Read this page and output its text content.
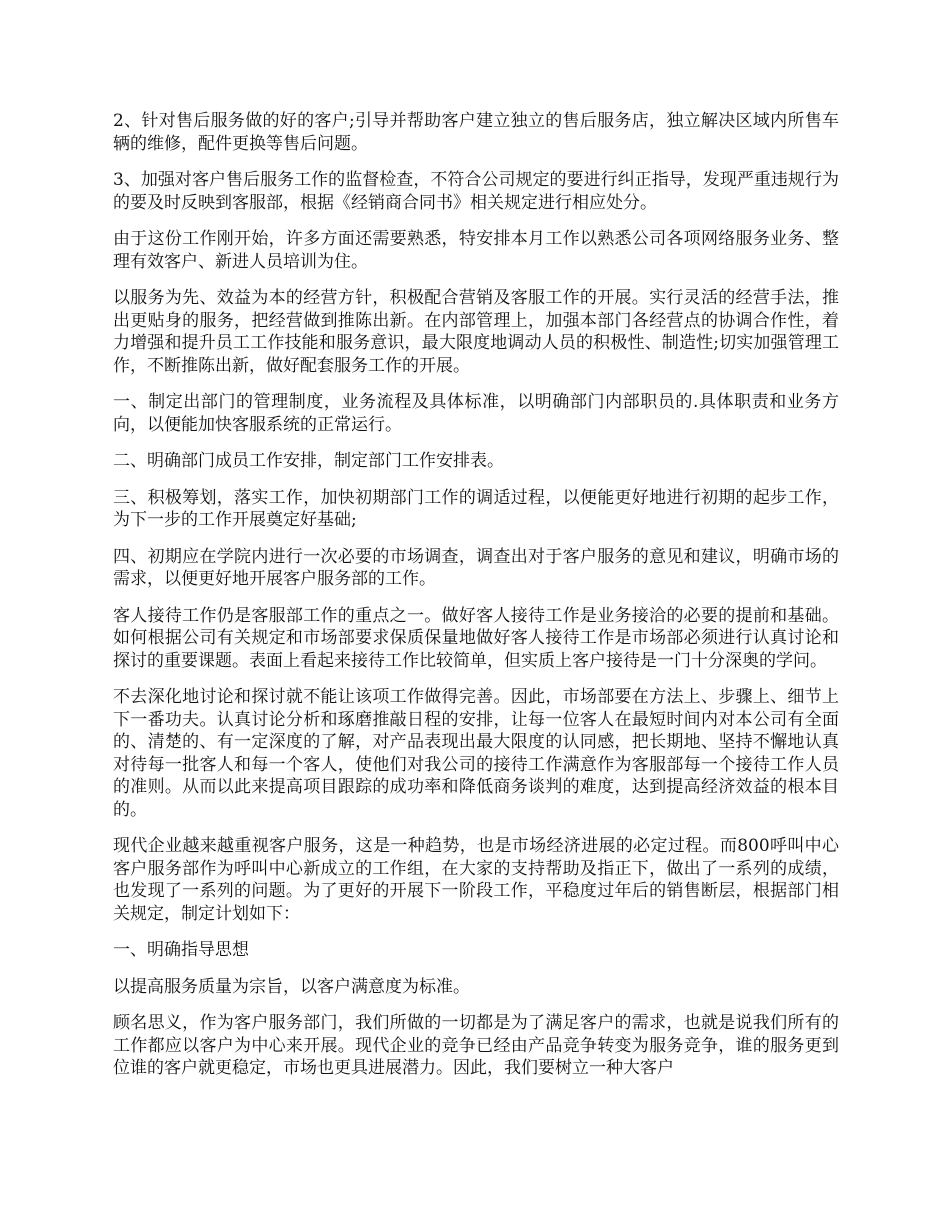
2、针对售后服务做的好的客户;引导并帮助客户建立独立的售后服务店，独立解决区域内所售车辆的维修，配件更换等售后问题。

3、加强对客户售后服务工作的监督检查，不符合公司规定的要进行纠正指导，发现严重违规行为的要及时反映到客服部，根据《经销商合同书》相关规定进行相应处分。

由于这份工作刚开始，许多方面还需要熟悉，特安排本月工作以熟悉公司各项网络服务业务、整理有效客户、新进人员培训为住。

以服务为先、效益为本的经营方针，积极配合营销及客服工作的开展。实行灵活的经营手法，推出更贴身的服务，把经营做到推陈出新。在内部管理上，加强本部门各经营点的协调合作性，着力增强和提升员工工作技能和服务意识，最大限度地调动人员的积极性、制造性;切实加强管理工作，不断推陈出新，做好配套服务工作的开展。

一、制定出部门的管理制度，业务流程及具体标准，以明确部门内部职员的.具体职责和业务方向，以便能加快客服系统的正常运行。

二、明确部门成员工作安排，制定部门工作安排表。

三、积极筹划，落实工作，加快初期部门工作的调适过程，以便能更好地进行初期的起步工作，为下一步的工作开展奠定好基础;

四、初期应在学院内进行一次必要的市场调查，调查出对于客户服务的意见和建议，明确市场的需求，以便更好地开展客户服务部的工作。

客人接待工作仍是客服部工作的重点之一。做好客人接待工作是业务接洽的必要的提前和基础。如何根据公司有关规定和市场部要求保质保量地做好客人接待工作是市场部必须进行认真讨论和探讨的重要课题。表面上看起来接待工作比较简单，但实质上客户接待是一门十分深奥的学问。

不去深化地讨论和探讨就不能让该项工作做得完善。因此，市场部要在方法上、步骤上、细节上下一番功夫。认真讨论分析和琢磨推敲日程的安排，让每一位客人在最短时间内对本公司有全面的、清楚的、有一定深度的了解，对产品表现出最大限度的认同感，把长期地、坚持不懈地认真对待每一批客人和每一个客人，使他们对我公司的接待工作满意作为客服部每一个接待工作人员的准则。从而以此来提高项目跟踪的成功率和降低商务谈判的难度，达到提高经济效益的根本目的。

现代企业越来越重视客户服务，这是一种趋势，也是市场经济进展的必定过程。而800呼叫中心客户服务部作为呼叫中心新成立的工作组，在大家的支持帮助及指正下，做出了一系列的成绩，也发现了一系列的问题。为了更好的开展下一阶段工作，平稳度过年后的销售断层，根据部门相关规定，制定计划如下：

一、明确指导思想

以提高服务质量为宗旨，以客户满意度为标准。

顾名思义，作为客户服务部门，我们所做的一切都是为了满足客户的需求，也就是说我们所有的工作都应以客户为中心来开展。现代企业的竞争已经由产品竞争转变为服务竞争，谁的服务更到位谁的客户就更稳定，市场也更具进展潜力。因此，我们要树立一种大客户
